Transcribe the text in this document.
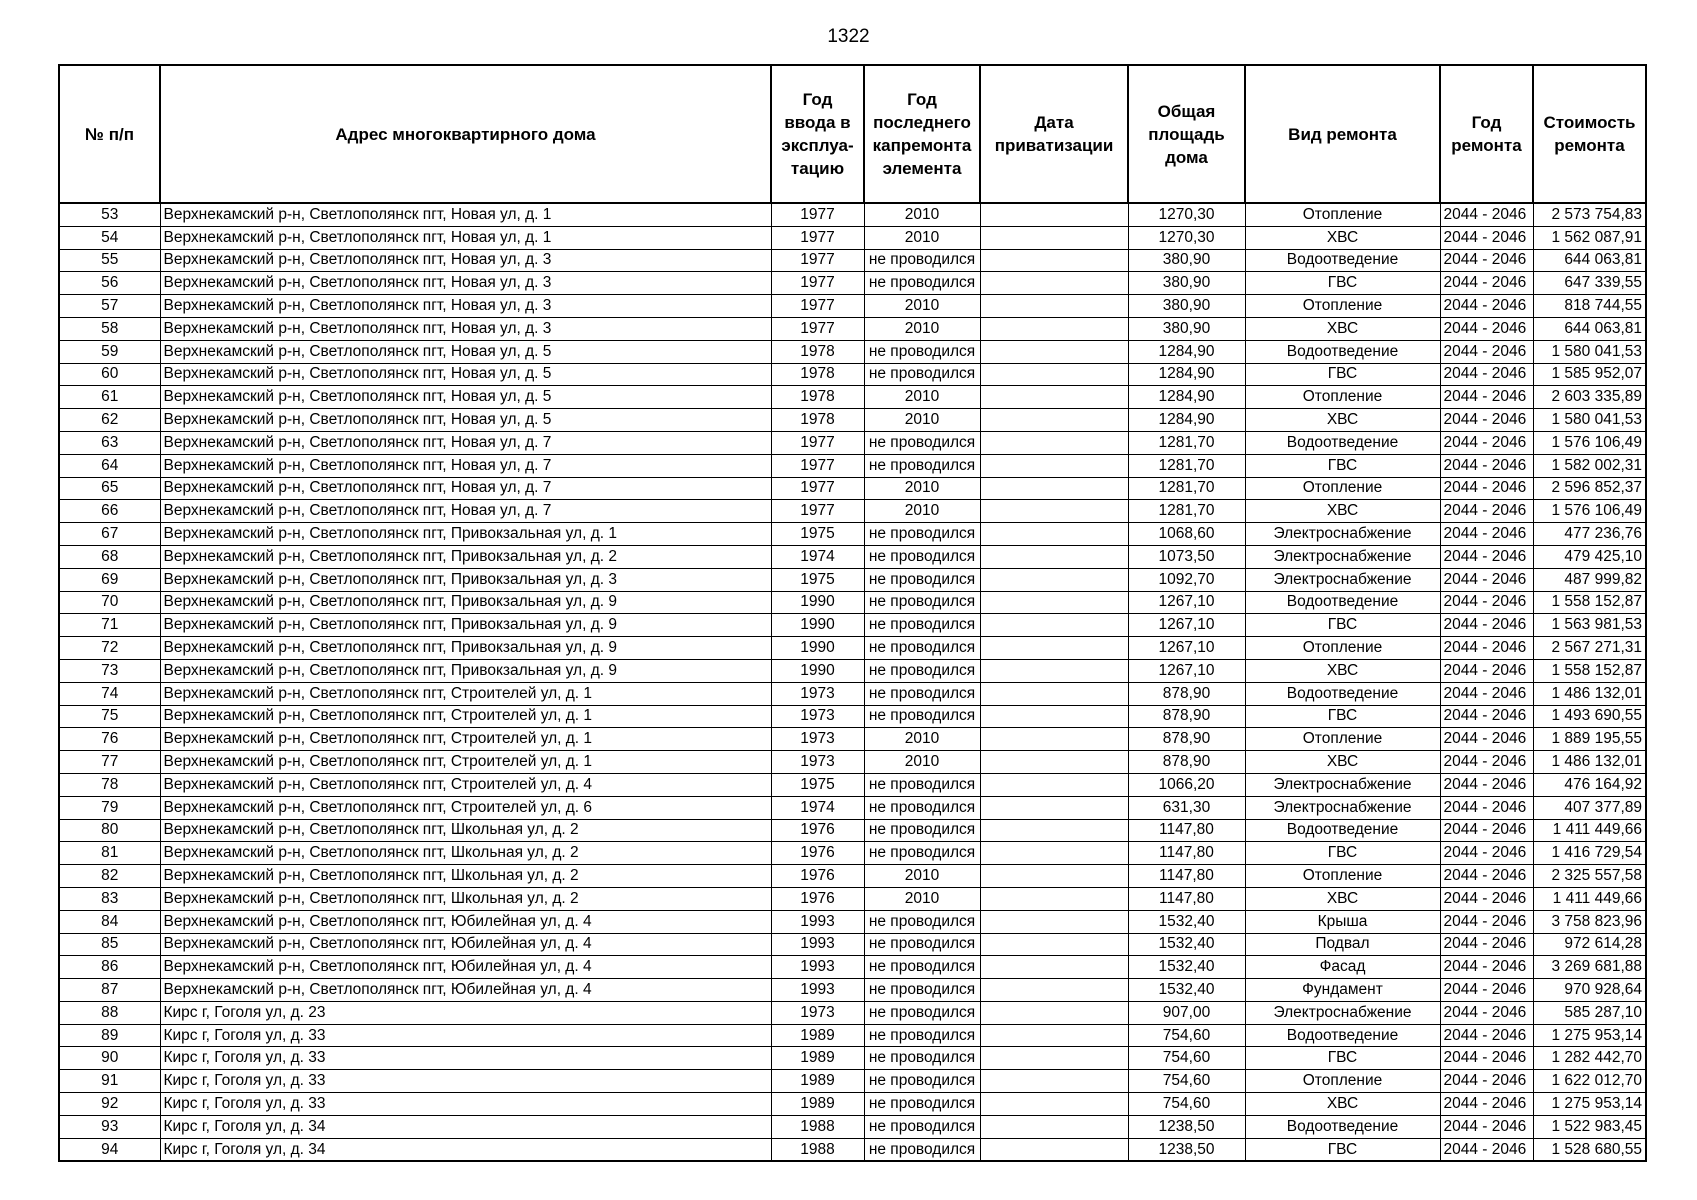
1322
№ п/п	Адрес многоквартирного дома	Год ввода в эксплуа- тацию	Год последнего капремонта элемента	Дата приватизации	Общая площадь дома	Вид ремонта	Год ремонта	Стоимость ремонта
53	Верхнекамский р-н, Светлополянск пгт, Новая ул, д. 1	1977	2010		1270,30	Отопление	2044 - 2046	2 573 754,83
54	Верхнекамский р-н, Светлополянск пгт, Новая ул, д. 1	1977	2010		1270,30	ХВС	2044 - 2046	1 562 087,91
55	Верхнекамский р-н, Светлополянск пгт, Новая ул, д. 3	1977	не проводился		380,90	Водоотведение	2044 - 2046	644 063,81
56	Верхнекамский р-н, Светлополянск пгт, Новая ул, д. 3	1977	не проводился		380,90	ГВС	2044 - 2046	647 339,55
57	Верхнекамский р-н, Светлополянск пгт, Новая ул, д. 3	1977	2010		380,90	Отопление	2044 - 2046	818 744,55
58	Верхнекамский р-н, Светлополянск пгт, Новая ул, д. 3	1977	2010		380,90	ХВС	2044 - 2046	644 063,81
59	Верхнекамский р-н, Светлополянск пгт, Новая ул, д. 5	1978	не проводился		1284,90	Водоотведение	2044 - 2046	1 580 041,53
60	Верхнекамский р-н, Светлополянск пгт, Новая ул, д. 5	1978	не проводился		1284,90	ГВС	2044 - 2046	1 585 952,07
61	Верхнекамский р-н, Светлополянск пгт, Новая ул, д. 5	1978	2010		1284,90	Отопление	2044 - 2046	2 603 335,89
62	Верхнекамский р-н, Светлополянск пгт, Новая ул, д. 5	1978	2010		1284,90	ХВС	2044 - 2046	1 580 041,53
63	Верхнекамский р-н, Светлополянск пгт, Новая ул, д. 7	1977	не проводился		1281,70	Водоотведение	2044 - 2046	1 576 106,49
64	Верхнекамский р-н, Светлополянск пгт, Новая ул, д. 7	1977	не проводился		1281,70	ГВС	2044 - 2046	1 582 002,31
65	Верхнекамский р-н, Светлополянск пгт, Новая ул, д. 7	1977	2010		1281,70	Отопление	2044 - 2046	2 596 852,37
66	Верхнекамский р-н, Светлополянск пгт, Новая ул, д. 7	1977	2010		1281,70	ХВС	2044 - 2046	1 576 106,49
67	Верхнекамский р-н, Светлополянск пгт, Привокзальная ул, д. 1	1975	не проводился		1068,60	Электроснабжение	2044 - 2046	477 236,76
68	Верхнекамский р-н, Светлополянск пгт, Привокзальная ул, д. 2	1974	не проводился		1073,50	Электроснабжение	2044 - 2046	479 425,10
69	Верхнекамский р-н, Светлополянск пгт, Привокзальная ул, д. 3	1975	не проводился		1092,70	Электроснабжение	2044 - 2046	487 999,82
70	Верхнекамский р-н, Светлополянск пгт, Привокзальная ул, д. 9	1990	не проводился		1267,10	Водоотведение	2044 - 2046	1 558 152,87
71	Верхнекамский р-н, Светлополянск пгт, Привокзальная ул, д. 9	1990	не проводился		1267,10	ГВС	2044 - 2046	1 563 981,53
72	Верхнекамский р-н, Светлополянск пгт, Привокзальная ул, д. 9	1990	не проводился		1267,10	Отопление	2044 - 2046	2 567 271,31
73	Верхнекамский р-н, Светлополянск пгт, Привокзальная ул, д. 9	1990	не проводился		1267,10	ХВС	2044 - 2046	1 558 152,87
74	Верхнекамский р-н, Светлополянск пгт, Строителей ул, д. 1	1973	не проводился		878,90	Водоотведение	2044 - 2046	1 486 132,01
75	Верхнекамский р-н, Светлополянск пгт, Строителей ул, д. 1	1973	не проводился		878,90	ГВС	2044 - 2046	1 493 690,55
76	Верхнекамский р-н, Светлополянск пгт, Строителей ул, д. 1	1973	2010		878,90	Отопление	2044 - 2046	1 889 195,55
77	Верхнекамский р-н, Светлополянск пгт, Строителей ул, д. 1	1973	2010		878,90	ХВС	2044 - 2046	1 486 132,01
78	Верхнекамский р-н, Светлополянск пгт, Строителей ул, д. 4	1975	не проводился		1066,20	Электроснабжение	2044 - 2046	476 164,92
79	Верхнекамский р-н, Светлополянск пгт, Строителей ул, д. 6	1974	не проводился		631,30	Электроснабжение	2044 - 2046	407 377,89
80	Верхнекамский р-н, Светлополянск пгт, Школьная ул, д. 2	1976	не проводился		1147,80	Водоотведение	2044 - 2046	1 411 449,66
81	Верхнекамский р-н, Светлополянск пгт, Школьная ул, д. 2	1976	не проводился		1147,80	ГВС	2044 - 2046	1 416 729,54
82	Верхнекамский р-н, Светлополянск пгт, Школьная ул, д. 2	1976	2010		1147,80	Отопление	2044 - 2046	2 325 557,58
83	Верхнекамский р-н, Светлополянск пгт, Школьная ул, д. 2	1976	2010		1147,80	ХВС	2044 - 2046	1 411 449,66
84	Верхнекамский р-н, Светлополянск пгт, Юбилейная ул, д. 4	1993	не проводился		1532,40	Крыша	2044 - 2046	3 758 823,96
85	Верхнекамский р-н, Светлополянск пгт, Юбилейная ул, д. 4	1993	не проводился		1532,40	Подвал	2044 - 2046	972 614,28
86	Верхнекамский р-н, Светлополянск пгт, Юбилейная ул, д. 4	1993	не проводился		1532,40	Фасад	2044 - 2046	3 269 681,88
87	Верхнекамский р-н, Светлополянск пгт, Юбилейная ул, д. 4	1993	не проводился		1532,40	Фундамент	2044 - 2046	970 928,64
88	Кирс г, Гоголя ул, д. 23	1973	не проводился		907,00	Электроснабжение	2044 - 2046	585 287,10
89	Кирс г, Гоголя ул, д. 33	1989	не проводился		754,60	Водоотведение	2044 - 2046	1 275 953,14
90	Кирс г, Гоголя ул, д. 33	1989	не проводился		754,60	ГВС	2044 - 2046	1 282 442,70
91	Кирс г, Гоголя ул, д. 33	1989	не проводился		754,60	Отопление	2044 - 2046	1 622 012,70
92	Кирс г, Гоголя ул, д. 33	1989	не проводился		754,60	ХВС	2044 - 2046	1 275 953,14
93	Кирс г, Гоголя ул, д. 34	1988	не проводился		1238,50	Водоотведение	2044 - 2046	1 522 983,45
94	Кирс г, Гоголя ул, д. 34	1988	не проводился		1238,50	ГВС	2044 - 2046	1 528 680,55
